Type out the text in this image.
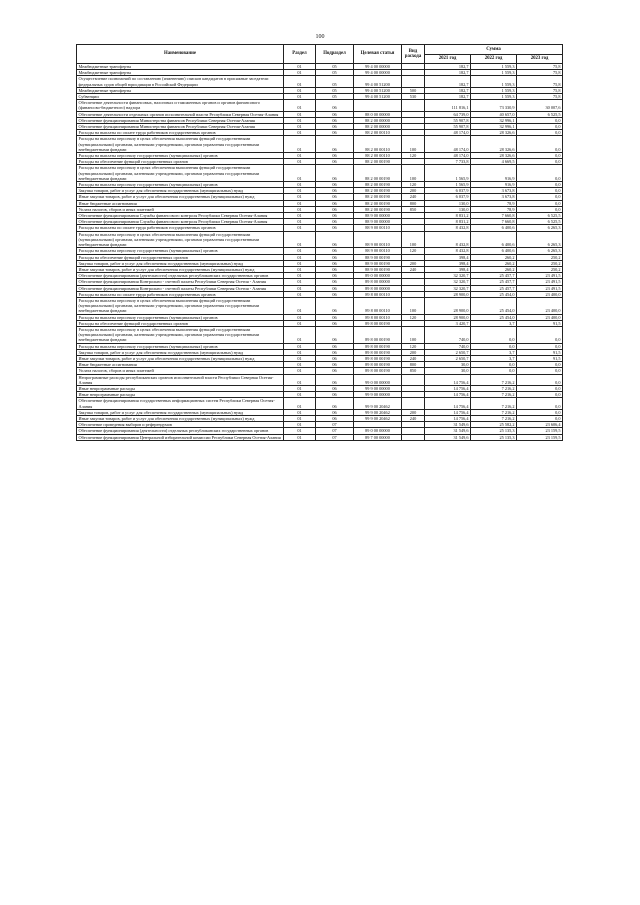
100
Наименование	Раздел	Подраздел	Целевая статья	Вид расхода	Сумма		
					2021 год	2022 год	2023 год
Межбюджетные трансферты	01	05	99 4 00 00000		182,7	1 559,3	75,8
Межбюджетные трансферты	01	05	99 4 00 00000		182,7	1 559,3	75,8
Осуществление полномочий по составлению (изменению) списков кандидатов в присяжные заседатели федеральных судов общей юрисдикции в Российской Федерации	01	05	99 4 00 51200		182,7	1 559,3	75,8
Межбюджетные трансферты	01	05	99 4 00 51200	500	182,7	1 559,3	75,8
Субвенции	01	05	99 4 00 51200	530	182,7	1 559,3	75,8
Обеспечение деятельности финансовых, налоговых и таможенных органов и органов финансового (финансово-бюджетного) надзора	01	06			111 816,1	73 330,9	30 007,6
Обеспечение деятельности отдельных органов исполнительной власти Республики Северная Осетия-Алания	01	06	88 0 00 00000		64 739,0	40 657,0	6 525,5
Обеспечение функционирования Министерства финансов Республики Северная Осетия-Алания	01	06	88 2 00 00000		55 907,8	32 996,1	0,0
Обеспечение функционирования Министерства финансов Республики Северная Осетия-Алания	01	06	88 2 00 00000		55 907,8	32 996,1	0,0
Расходы на выплаты по оплате труда работников государственных органов	01	06	88 2 00 00110		48 174,0	28 326,6	0,0
Расходы на выплаты персоналу в целях обеспечения выполнения функций государственными (муниципальными) органами, казенными учреждениями, органами управления государственными внебюджетными фондами	01	06	88 2 00 00110	100	48 174,0	28 326,6	0,0
Расходы на выплаты персоналу государственных (муниципальных) органов	01	06	88 2 00 00110	120	48 174,0	28 326,6	0,0
Расходы на обеспечение функций государственных органов	01	06	88 2 00 00190		7 733,8	4 669,5	0,0
Расходы на выплаты персоналу в целях обеспечения выполнения функций государственными (муниципальными) органами, казенными учреждениями, органами управления государственными внебюджетными фондами	01	06	88 2 00 00190	100	1 565,9	916,9	0,0
Расходы на выплаты персоналу государственных (муниципальных) органов	01	06	88 2 00 00190	120	1 565,9	916,9	0,0
Закупка товаров, работ и услуг для обеспечения государственных (муниципальных) нужд	01	06	88 2 00 00190	200	6 037,9	3 673,8	0,0
Иные закупки товаров, работ и услуг для обеспечения государственных (муниципальных) нужд	01	06	88 2 00 00190	240	6 037,9	3 673,8	0,0
Иные бюджетные ассигнования	01	06	88 2 00 00190	800	130,0	78,9	0,0
Уплата налогов, сборов и иных платежей	01	06	88 2 00 00190	850	130,0	78,9	0,0
Обеспечение функционирования Службы финансового контроля Республики Северная Осетия-Алания	01	06	88 9 00 00000		8 831,2	7 660,8	6 525,5
Обеспечение функционирования Службы финансового контроля Республики Северная Осетия-Алания	01	06	88 9 00 00000		8 831,2	7 660,8	6 525,5
Расходы на выплаты по оплате труда работников государственных органов	01	06	88 9 00 00110		8 432,8	6 400,6	6 265,3
Расходы на выплаты персоналу в целях обеспечения выполнения функций государственными (муниципальными) органами, казенными учреждениями, органами управления государственными внебюджетными фондами	01	06	88 9 00 00110	100	8 432,8	6 400,6	6 265,3
Расходы на выплаты персоналу государственных (муниципальных) органов	01	06	88 9 00 00110	120	8 432,8	6 400,6	6 265,3
Расходы на обеспечение функций государственных органов	01	06	88 9 00 00190		398,4	260,2	250,2
Закупка товаров, работ и услуг для обеспечения государственных (муниципальных) нужд	01	06	88 9 00 00190	200	398,4	260,2	250,2
Иные закупки товаров, работ и услуг для обеспечения государственных (муниципальных) нужд	01	06	88 9 00 00190	240	398,4	260,2	250,2
Обеспечение функционирования (деятельности) отдельных республиканских государственных органов	01	06	89 0 00 00000		32 320,7	25 457,7	23 491,5
Обеспечение функционирования Контрольно - счетной палаты Республики Северная Осетия - Алания	01	06	89 8 00 00000		32 320,7	25 457,7	23 491,5
Обеспечение функционирования Контрольно - счетной палаты Республики Северная Осетия - Алания	01	06	89 8 00 00000		32 320,7	25 457,7	23 491,5
Расходы на выплаты по оплате труда работников государственных органов	01	06	89 8 00 00110		28 900,0	25 454,0	23 400,0
Расходы на выплаты персоналу в целях обеспечения выполнения функций государственными (муниципальными) органами, казенными учреждениями, органами управления государственными внебюджетными фондами	01	06	89 8 00 00110	100	28 900,0	25 454,0	23 400,0
Расходы на выплаты персоналу государственных (муниципальных) органов	01	06	89 8 00 00110	120	28 900,0	25 454,0	23 400,0
Расходы на обеспечение функций государственных органов	01	06	89 8 00 00190		3 420,7	3,7	91,5
Расходы на выплаты персоналу в целях обеспечения выполнения функций государственными (муниципальными) органами, казенными учреждениями, органами управления государственными внебюджетными фондами	01	06	89 8 00 00190	100	740,0	0,0	0,0
Расходы на выплаты персоналу государственных (муниципальных) органов	01	06	89 8 00 00190	120	740,0	0,0	0,0
Закупка товаров, работ и услуг для обеспечения государственных (муниципальных) нужд	01	06	89 8 00 00190	200	2 650,7	3,7	91,5
Иные закупки товаров, работ и услуг для обеспечения государственных (муниципальных) нужд	01	06	89 8 00 00190	240	2 650,7	3,7	91,5
Иные бюджетные ассигнования	01	06	89 8 00 00190	800	30,0	0,0	0,0
Уплата налогов, сборов и иных платежей	01	06	89 8 00 00190	850	30,0	0,0	0,0
Непрограммные расходы республиканских органов исполнительной власти Республики Северная Осетия-Алания	01	06	99 0 00 00000		14 756,4	7 216,2	0,0
Иные непрограммные расходы	01	06	99 9 00 00000		14 756,4	7 216,2	0,0
Иные непрограммные расходы	01	06	99 9 00 00000		14 756,4	7 216,2	0,0
Обеспечение функционирования государственных информационных систем Республики Северная Осетия-Алания	01	06	99 9 00 20462		14 756,4	7 216,2	0,0
Закупка товаров, работ и услуг для обеспечения государственных (муниципальных) нужд	01	06	99 9 00 20462	200	14 756,4	7 216,2	0,0
Иные закупки товаров, работ и услуг для обеспечения государственных (муниципальных) нужд	01	06	99 9 00 20462	240	14 756,4	7 216,2	0,0
Обеспечение проведения выборов и референдумов	01	07			31 549,6	25 582,2	23 606,4
Обеспечение функционирования (деятельности) отдельных республиканских государственных органов	01	07	89 0 00 00000		31 549,6	25 135,3	23 159,5
Обеспечение функционирования Центральной избирательной комиссии Республики Северная Осетия-Алания	01	07	89 7 00 00000		31 549,6	25 135,3	23 159,5
